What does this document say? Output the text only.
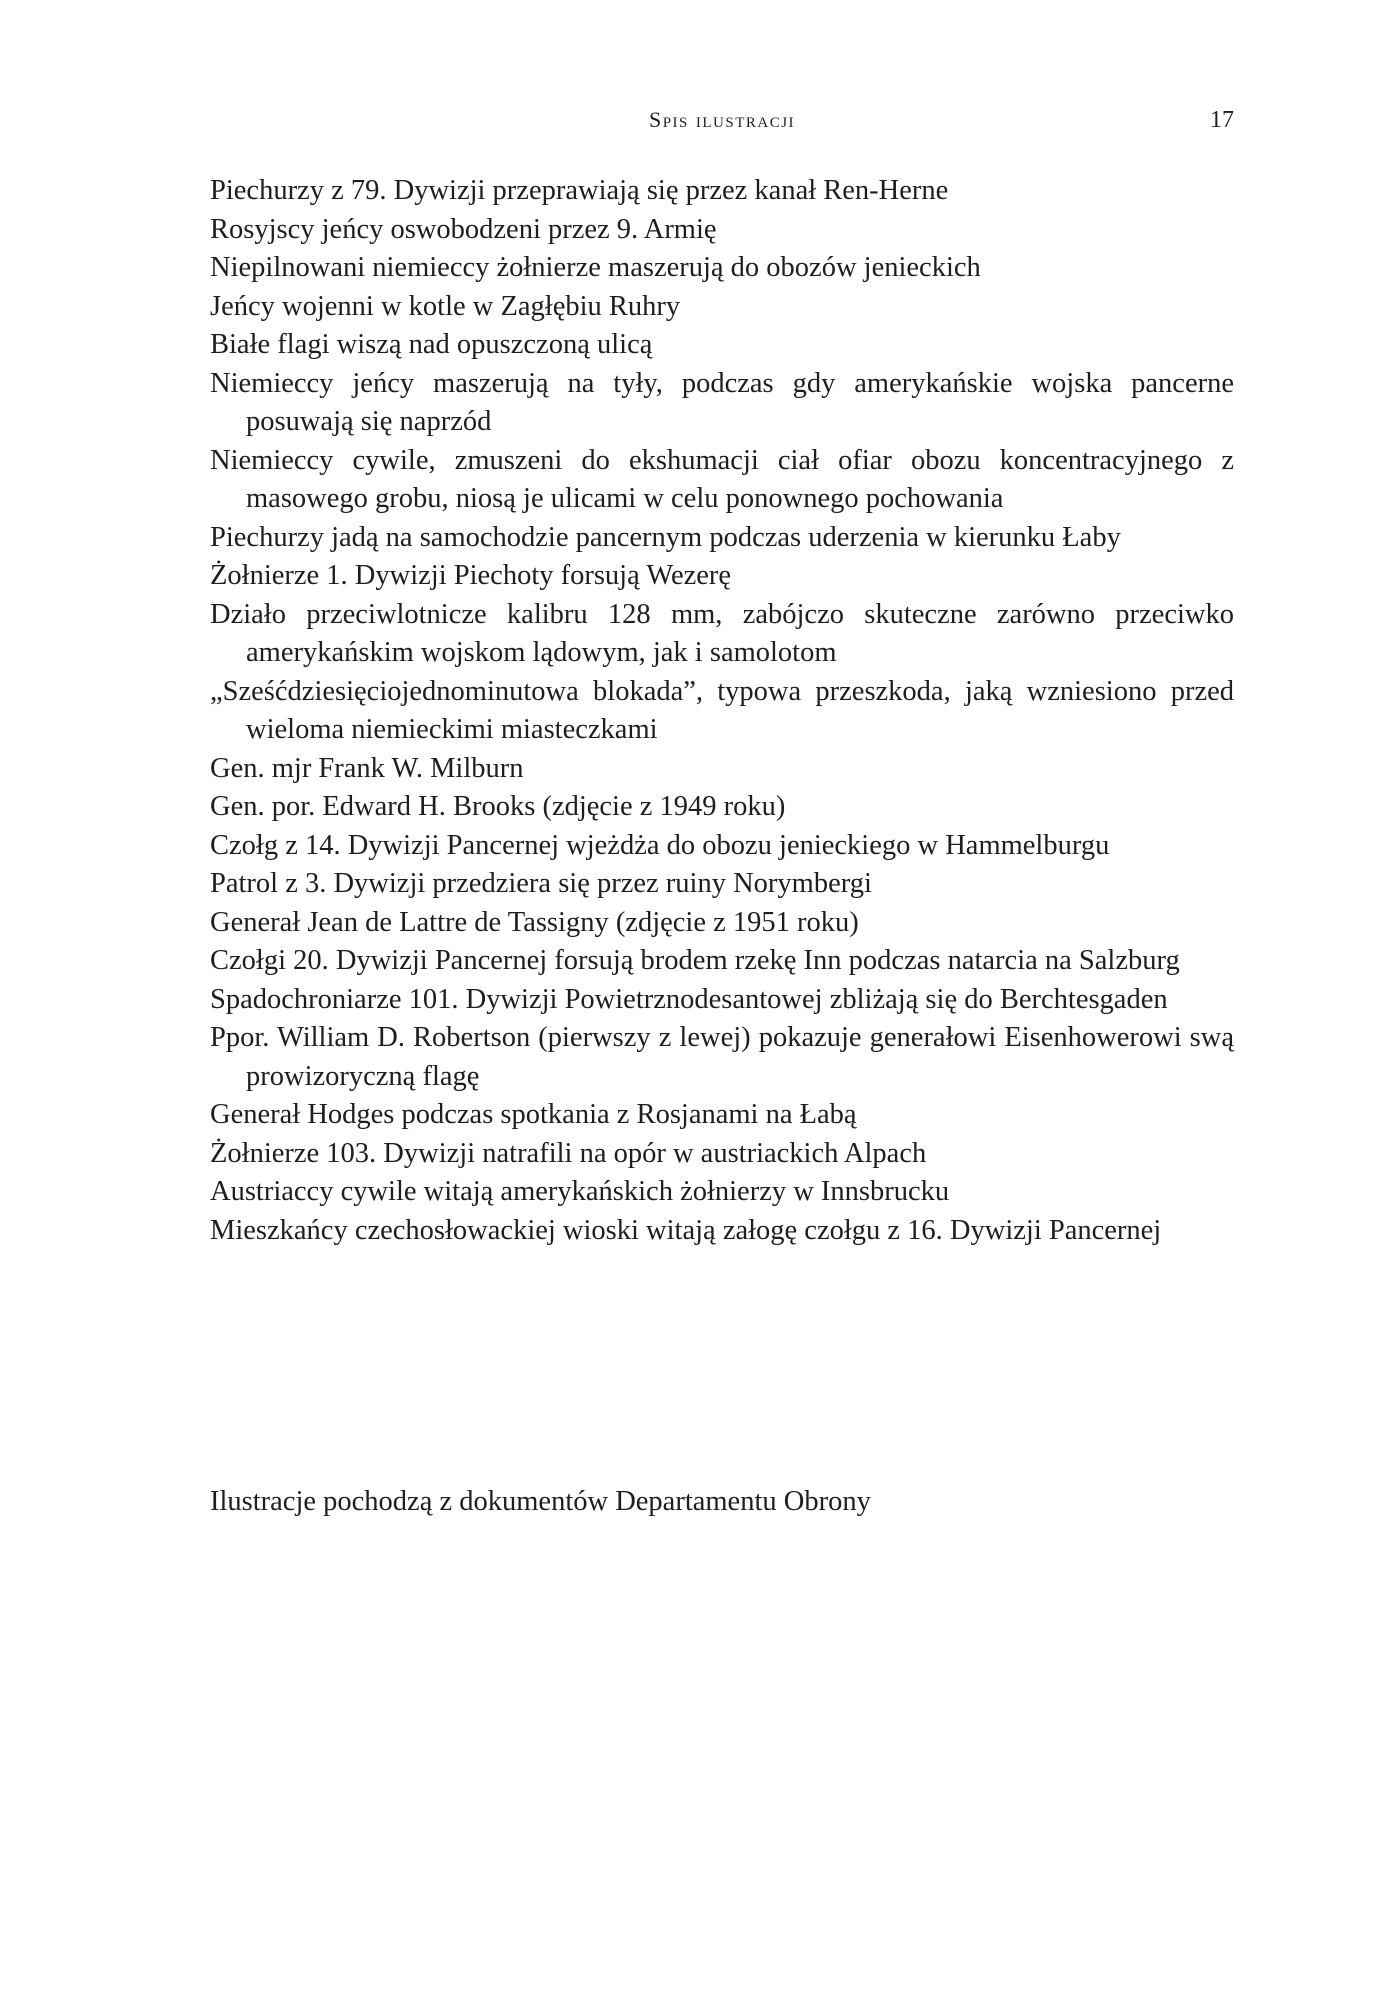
Spis ilustracji	17
Piechurzy z 79. Dywizji przeprawiają się przez kanał Ren-Herne
Rosyjscy jeńcy oswobodzeni przez 9. Armię
Niepilnowani niemieccy żołnierze maszerują do obozów jenieckich
Jeńcy wojenni w kotle w Zagłębiu Ruhry
Białe flagi wiszą nad opuszczoną ulicą
Niemieccy jeńcy maszerują na tyły, podczas gdy amerykańskie wojska pancerne posuwają się naprzód
Niemieccy cywile, zmuszeni do ekshumacji ciał ofiar obozu koncentracyjnego z masowego grobu, niosą je ulicami w celu ponownego pochowania
Piechurzy jadą na samochodzie pancernym podczas uderzenia w kierunku Łaby
Żołnierze 1. Dywizji Piechoty forsują Wezerę
Działo przeciwlotnicze kalibru 128 mm, zabójczo skuteczne zarówno przeciwko amerykańskim wojskom lądowym, jak i samolotom
„Sześćdziesięciojednominutowa blokada”, typowa przeszkoda, jaką wzniesiono przed wieloma niemieckimi miasteczkami
Gen. mjr Frank W. Milburn
Gen. por. Edward H. Brooks (zdjęcie z 1949 roku)
Czołg z 14. Dywizji Pancernej wjeżdża do obozu jenieckiego w Hammelburgu
Patrol z 3. Dywizji przedziera się przez ruiny Norymbergi
Generał Jean de Lattre de Tassigny (zdjęcie z 1951 roku)
Czołgi 20. Dywizji Pancernej forsują brodem rzekę Inn podczas natarcia na Salzburg
Spadochroniarze 101. Dywizji Powietrznodesantowej zbliżają się do Berchtesgaden
Ppor. William D. Robertson (pierwszy z lewej) pokazuje generałowi Eisenhowerowi swą prowizoryczną flagę
Generał Hodges podczas spotkania z Rosjanami na Łabą
Żołnierze 103. Dywizji natrafili na opór w austriackich Alpach
Austriaccy cywile witają amerykańskich żołnierzy w Innsbrucku
Mieszkańcy czechosłowackiej wioski witają załogę czołgu z 16. Dywizji Pancernej

Ilustracje pochodzą z dokumentów Departamentu Obrony
